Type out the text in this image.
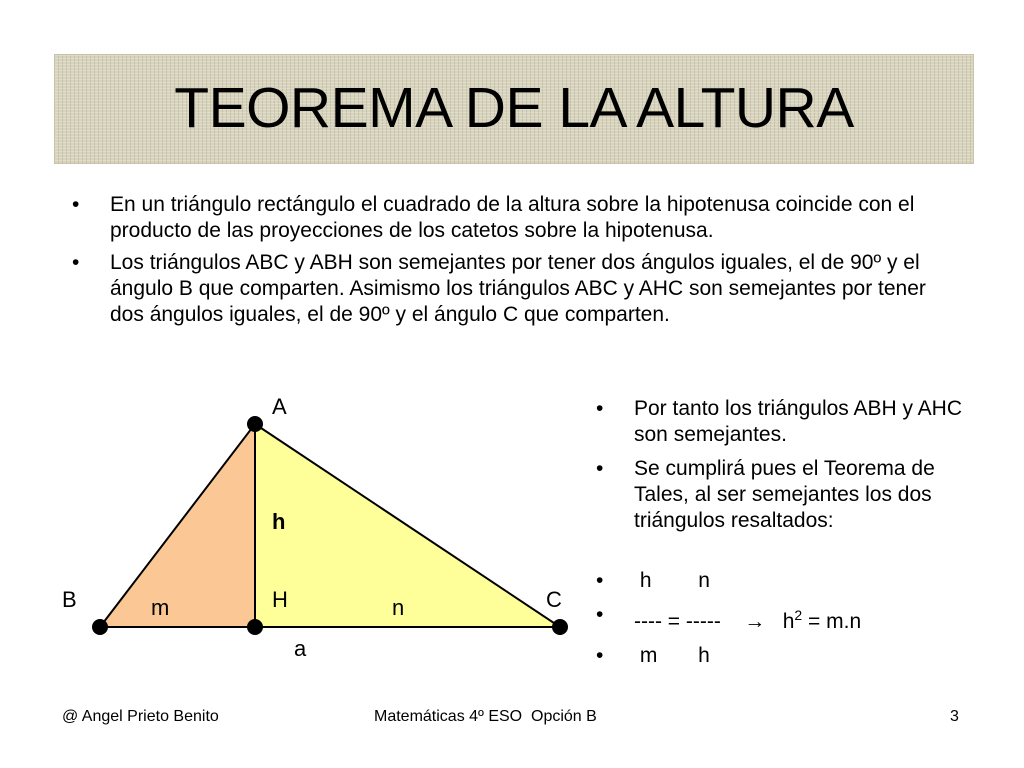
TEOREMA DE LA ALTURA
• En un triángulo rectángulo el cuadrado de la altura sobre la hipotenusa coincide con el producto de las proyecciones de los catetos sobre la hipotenusa.
• Los triángulos ABC y ABH son semejantes por tener dos ángulos iguales, el de 90º y el ángulo B que comparten. Asimismo los triángulos ABC y AHC son semejantes por tener dos ángulos iguales, el de 90º y el ángulo C que comparten.
A
B	C
H
h
m	n
a
• Por tanto los triángulos ABH y AHC son semejantes.
• Se cumplirá pues el Teorema de Tales, al ser semejantes los dos triángulos resaltados:
• h        n
• ---- = -----    → $h^2 = m.n$
• m       h
@ Angel Prieto Benito	Matemáticas 4º ESO  Opción B	3
